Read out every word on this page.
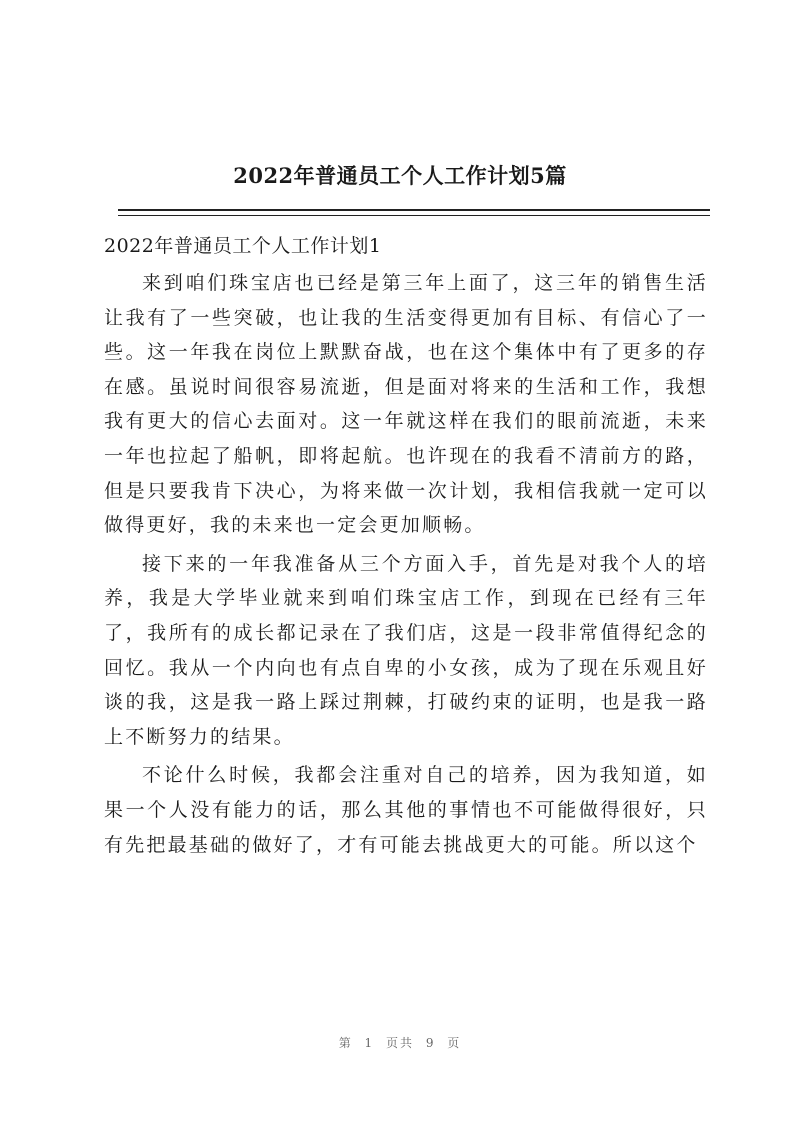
2022年普通员工个人工作计划5篇
2022年普通员工个人工作计划1

来到咱们珠宝店也已经是第三年上面了，这三年的销售生活让我有了一些突破，也让我的生活变得更加有目标、有信心了一些。这一年我在岗位上默默奋战，也在这个集体中有了更多的存在感。虽说时间很容易流逝，但是面对将来的生活和工作，我想我有更大的信心去面对。这一年就这样在我们的眼前流逝，未来一年也拉起了船帆，即将起航。也许现在的我看不清前方的路，但是只要我肯下决心，为将来做一次计划，我相信我就一定可以做得更好，我的未来也一定会更加顺畅。

接下来的一年我准备从三个方面入手，首先是对我个人的培养，我是大学毕业就来到咱们珠宝店工作，到现在已经有三年了，我所有的成长都记录在了我们店，这是一段非常值得纪念的回忆。我从一个内向也有点自卑的小女孩，成为了现在乐观且好谈的我，这是我一路上踩过荆棘，打破约束的证明，也是我一路上不断努力的结果。

不论什么时候，我都会注重对自己的培养，因为我知道，如果一个人没有能力的话，那么其他的事情也不可能做得很好，只有先把最基础的做好了，才有可能去挑战更大的可能。所以这个

第 1 页共 9 页
